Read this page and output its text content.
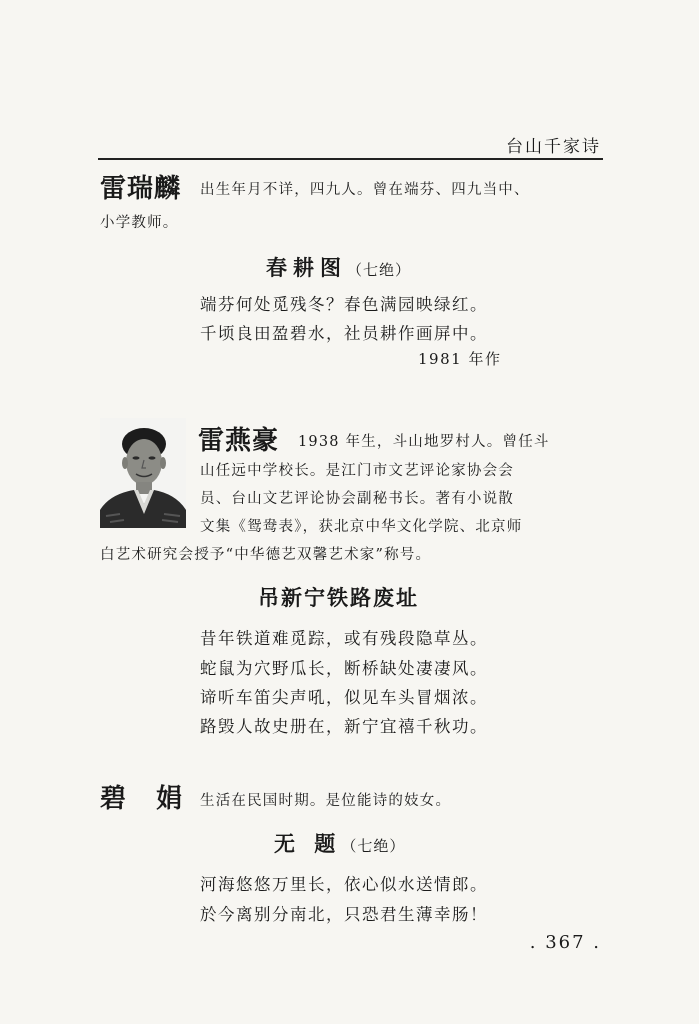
台山千家诗
雷瑞麟 出生年月不详，四九人。曾在端芬、四九当中、
小学教师。
春耕图（七绝）
端芬何处觅残冬？春色满园映绿红。
千顷良田盈碧水，社员耕作画屏中。
1981 年作
雷燕豪 1938 年生，斗山地罗村人。曾任斗
山任远中学校长。是江门市文艺评论家协会会
员、台山文艺评论协会副秘书长。著有小说散
文集《鸳鸯表》，获北京中华文化学院、北京师
白艺术研究会授予“中华德艺双馨艺术家”称号。
吊新宁铁路废址
昔年铁道难觅踪，或有残段隐草丛。
蛇鼠为穴野瓜长，断桥缺处凄凄风。
谛听车笛尖声吼，似见车头冒烟浓。
路毁人故史册在，新宁宜禧千秋功。
碧  娟 生活在民国时期。是位能诗的妓女。
无 题（七绝）
河海悠悠万里长，依心似水送情郎。
於今离别分南北，只恐君生薄幸肠！
. 367 .
